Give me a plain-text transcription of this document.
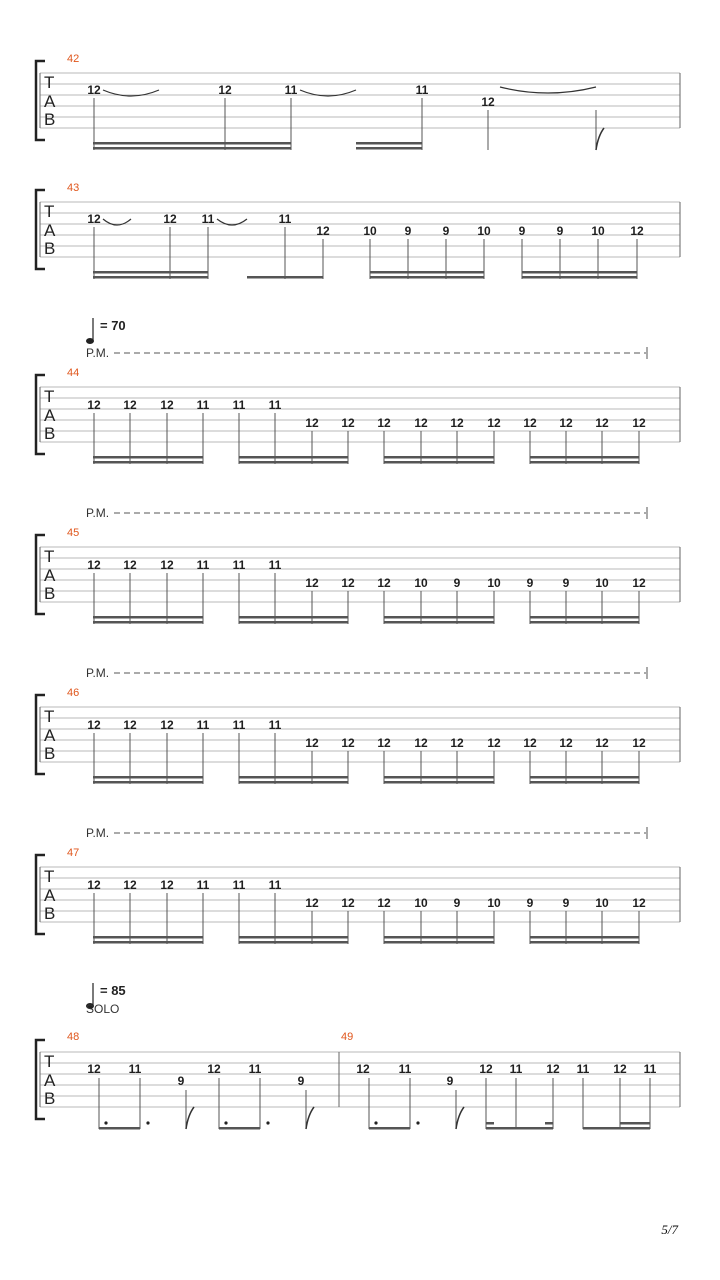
T
A
B
42
12	12	11	11
12
T
A
B
43
12	12 11	11
12	10 9	9 10 9	9 10 12
T
A
B
44
12 12 12 11 11 11
12 12 12 12 12 12 12 12 12 12
= 70
P.M.
T
A
B
45
12 12 12 11 11 11
12 12 12 10 9 10 9 9 10 12
P.M.
T
A
B
46
12 12 12 11 11 11
12 12 12 12 12 12 12 12 12 12
P.M.
T
A
B
47
12 12 12 11 11 11
12 12 12 10 9 10 9 9 10 12
P.M.
T
A
B
= 85
SOLO
48	49
12 11
9
12 11
9
12 11
9
12 11 12 11 12 11
5/7
